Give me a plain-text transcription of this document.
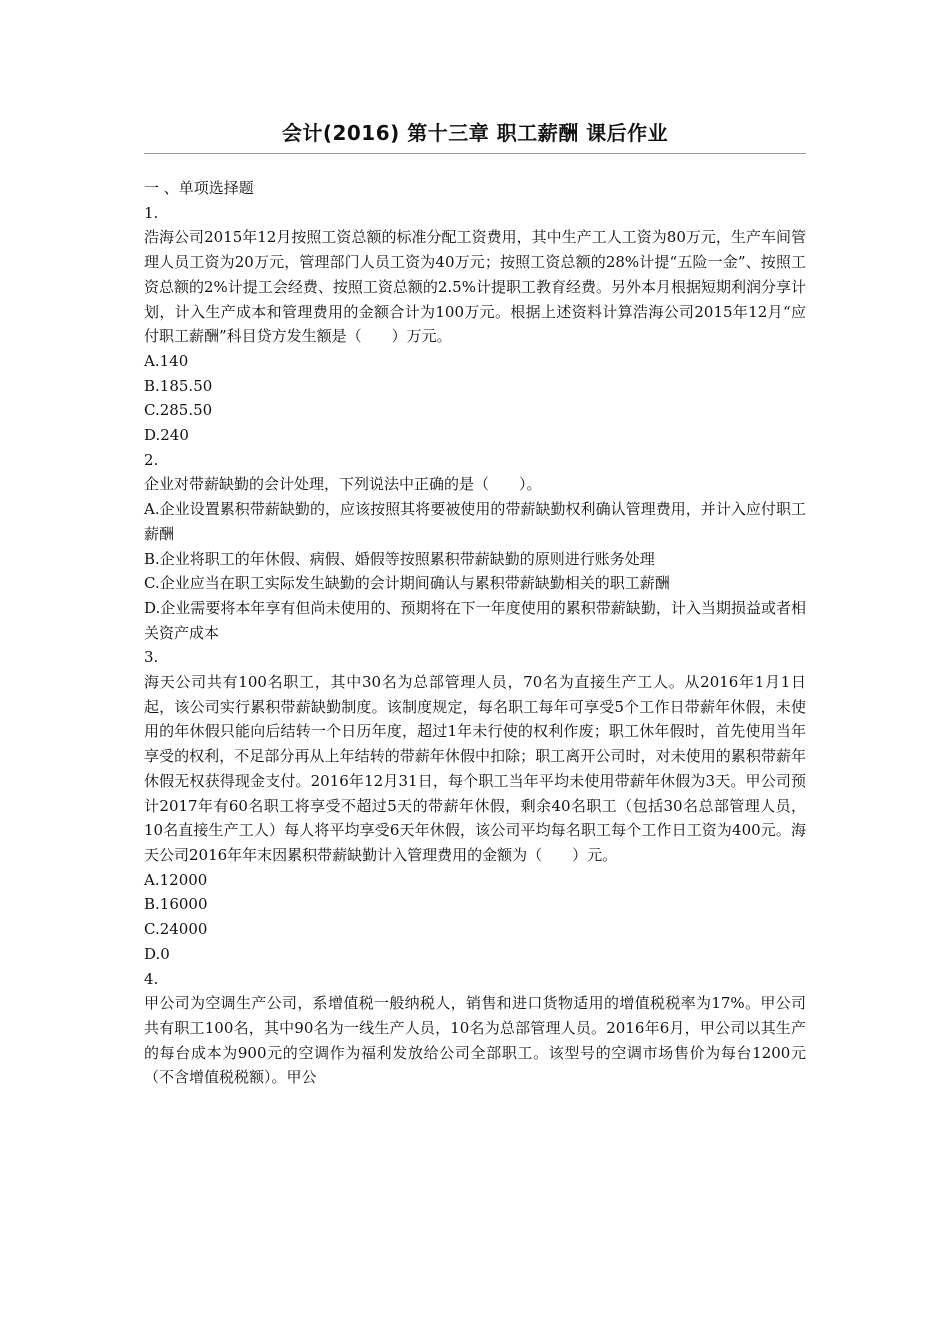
会计(2016) 第十三章 职工薪酬 课后作业

一 、单项选择题

1.

浩海公司2015年12月按照工资总额的标准分配工资费用，其中生产工人工资为80万元，生产车间管理人员工资为20万元，管理部门人员工资为40万元；按照工资总额的28%计提“五险一金”、按照工资总额的2%计提工会经费、按照工资总额的2.5%计提职工教育经费。另外本月根据短期利润分享计划，计入生产成本和管理费用的金额合计为100万元。根据上述资料计算浩海公司2015年12月“应付职工薪酬”科目贷方发生额是（　　）万元。

A.140

B.185.50

C.285.50

D.240

2.

企业对带薪缺勤的会计处理，下列说法中正确的是（　　）。

A.企业设置累积带薪缺勤的，应该按照其将要被使用的带薪缺勤权利确认管理费用，并计入应付职工薪酬

B.企业将职工的年休假、病假、婚假等按照累积带薪缺勤的原则进行账务处理

C.企业应当在职工实际发生缺勤的会计期间确认与累积带薪缺勤相关的职工薪酬

D.企业需要将本年享有但尚未使用的、预期将在下一年度使用的累积带薪缺勤，计入当期损益或者相关资产成本

3.

海天公司共有100名职工，其中30名为总部管理人员，70名为直接生产工人。从2016年1月1日起，该公司实行累积带薪缺勤制度。该制度规定，每名职工每年可享受5个工作日带薪年休假，未使用的年休假只能向后结转一个日历年度，超过1年未行使的权利作废；职工休年假时，首先使用当年享受的权利，不足部分再从上年结转的带薪年休假中扣除；职工离开公司时，对未使用的累积带薪年休假无权获得现金支付。2016年12月31日，每个职工当年平均未使用带薪年休假为3天。甲公司预计2017年有60名职工将享受不超过5天的带薪年休假，剩余40名职工（包括30名总部管理人员，10名直接生产工人）每人将平均享受6天年休假，该公司平均每名职工每个工作日工资为400元。海天公司2016年年末因累积带薪缺勤计入管理费用的金额为（　　）元。

A.12000

B.16000

C.24000

D.0

4.

甲公司为空调生产公司，系增值税一般纳税人，销售和进口货物适用的增值税税率为17%。甲公司共有职工100名，其中90名为一线生产人员，10名为总部管理人员。2016年6月，甲公司以其生产的每台成本为900元的空调作为福利发放给公司全部职工。该型号的空调市场售价为每台1200元（不含增值税税额）。甲公
